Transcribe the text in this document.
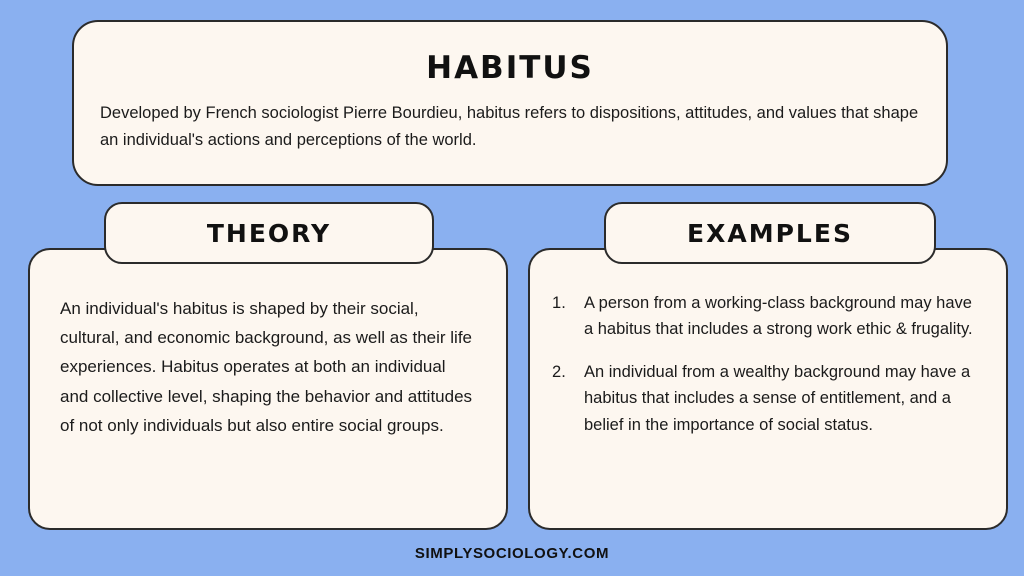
HABITUS
Developed by French sociologist Pierre Bourdieu, habitus refers to dispositions, attitudes, and values that shape an individual's actions and perceptions of the world.
THEORY
An individual's habitus is shaped by their social, cultural, and economic background, as well as their life experiences. Habitus operates at both an individual and collective level, shaping the behavior and attitudes of not only individuals but also entire social groups.
EXAMPLES
A person from a working-class background may have a habitus that includes a strong work ethic & frugality.
An individual from a wealthy background may have a habitus that includes a sense of entitlement, and a belief in the importance of social status.
SIMPLYSOCIOLOGY.COM
